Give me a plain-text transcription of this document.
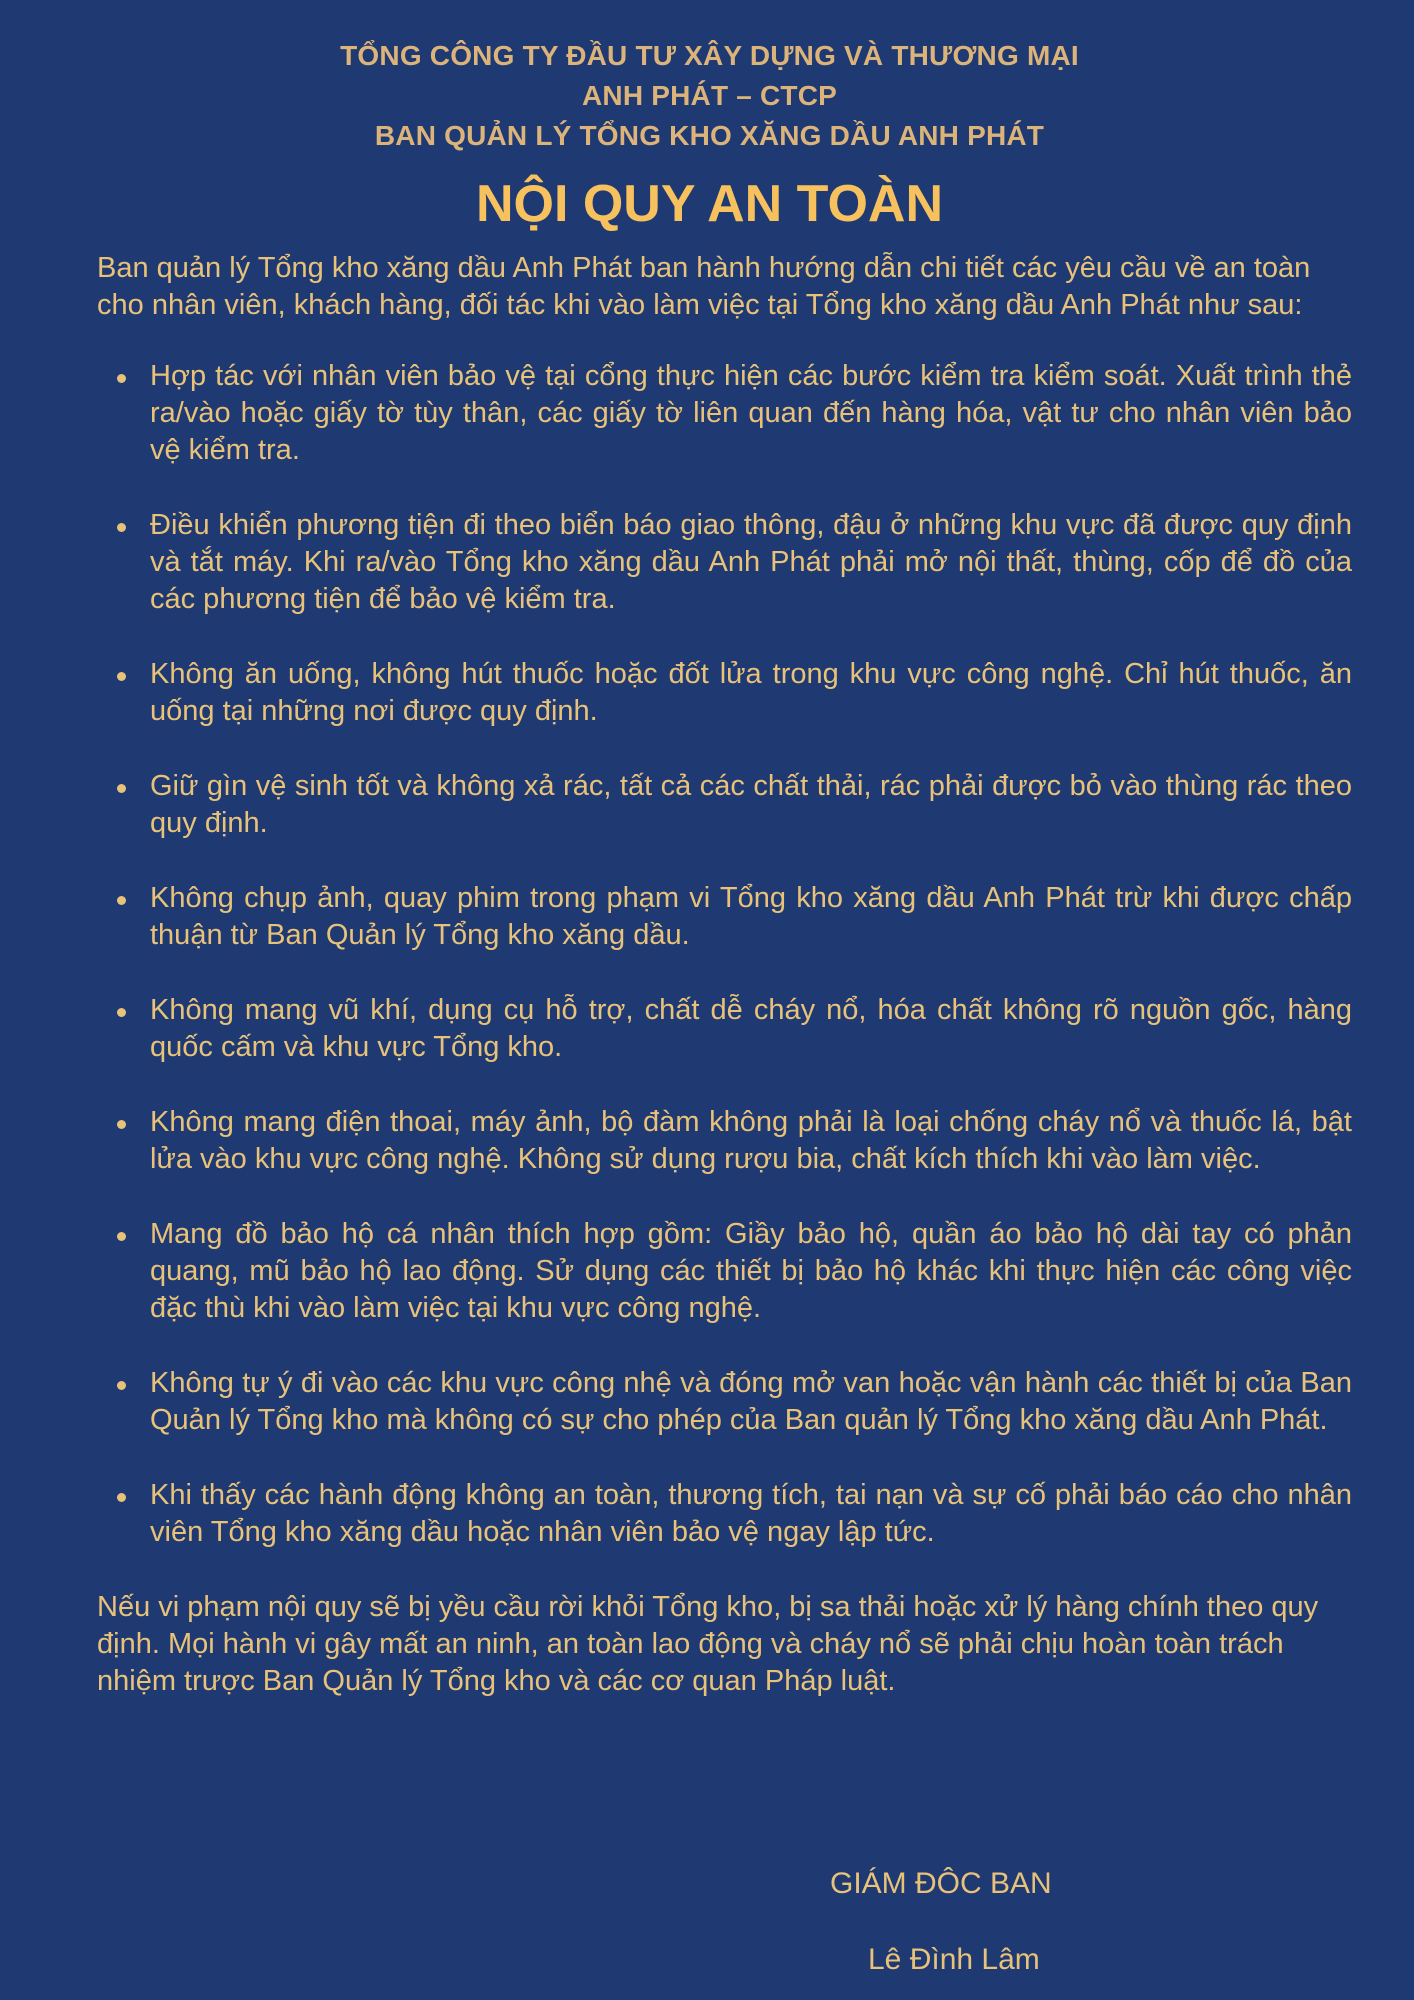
TỔNG CÔNG TY ĐẦU TƯ XÂY DỰNG VÀ THƯƠNG MẠI
ANH PHÁT – CTCP
BAN QUẢN LÝ TỔNG KHO XĂNG DẦU ANH PHÁT
NỘI QUY AN TOÀN
Ban quản lý Tổng kho xăng dầu Anh Phát ban hành hướng dẫn chi tiết các yêu cầu về an toàn cho nhân viên, khách hàng, đối tác khi vào làm việc tại Tổng kho xăng dầu Anh Phát như sau:
Hợp tác với nhân viên bảo vệ tại cổng thực hiện các bước kiểm tra kiểm soát. Xuất trình thẻ ra/vào hoặc giấy tờ tùy thân, các giấy tờ liên quan đến hàng hóa, vật tư cho nhân viên bảo vệ kiểm tra.
Điều khiển phương tiện đi theo biển báo giao thông, đậu ở những khu vực đã được quy định và tắt máy. Khi ra/vào Tổng kho xăng dầu Anh Phát phải mở nội thất, thùng, cốp để đồ của các phương tiện để bảo vệ kiểm tra.
Không ăn uống, không hút thuốc hoặc đốt lửa trong khu vực công nghệ. Chỉ hút thuốc, ăn uống tại những nơi được quy định.
Giữ gìn vệ sinh tốt và không xả rác, tất cả các chất thải, rác phải được bỏ vào thùng rác theo quy định.
Không chụp ảnh, quay phim trong phạm vi Tổng kho xăng dầu Anh Phát trừ khi được chấp thuận từ Ban Quản lý Tổng kho xăng dầu.
Không mang vũ khí, dụng cụ hỗ trợ, chất dễ cháy nổ, hóa chất không rõ nguồn gốc, hàng quốc cấm và khu vực Tổng kho.
Không mang điện thoai, máy ảnh, bộ đàm không phải là loại chống cháy nổ và thuốc lá, bật lửa vào khu vực công nghệ. Không sử dụng rượu bia, chất kích thích khi vào làm việc.
Mang đồ bảo hộ cá nhân thích hợp gồm: Giầy bảo hộ, quần áo bảo hộ dài tay có phản quang, mũ bảo hộ lao động. Sử dụng các thiết bị bảo hộ khác khi thực hiện các công việc đặc thù khi vào làm việc tại khu vực công nghệ.
Không tự ý đi vào các khu vực công nhệ và đóng mở van hoặc vận hành các thiết bị của Ban Quản lý Tổng kho mà không có sự cho phép của Ban quản lý Tổng kho xăng dầu Anh Phát.
Khi thấy các hành động không an toàn, thương tích, tai nạn và sự cố phải báo cáo cho nhân viên Tổng kho xăng dầu hoặc nhân viên bảo vệ ngay lập tức.
Nếu vi phạm nội quy sẽ bị yều cầu rời khỏi Tổng kho, bị sa thải hoặc xử lý hàng chính theo quy định. Mọi hành vi gây mất an ninh, an toàn lao động và cháy nổ sẽ phải chịu hoàn toàn trách nhiệm trược Ban Quản lý Tổng kho và các cơ quan Pháp luật.
GIÁM ĐÔC BAN
Lê Đình Lâm
